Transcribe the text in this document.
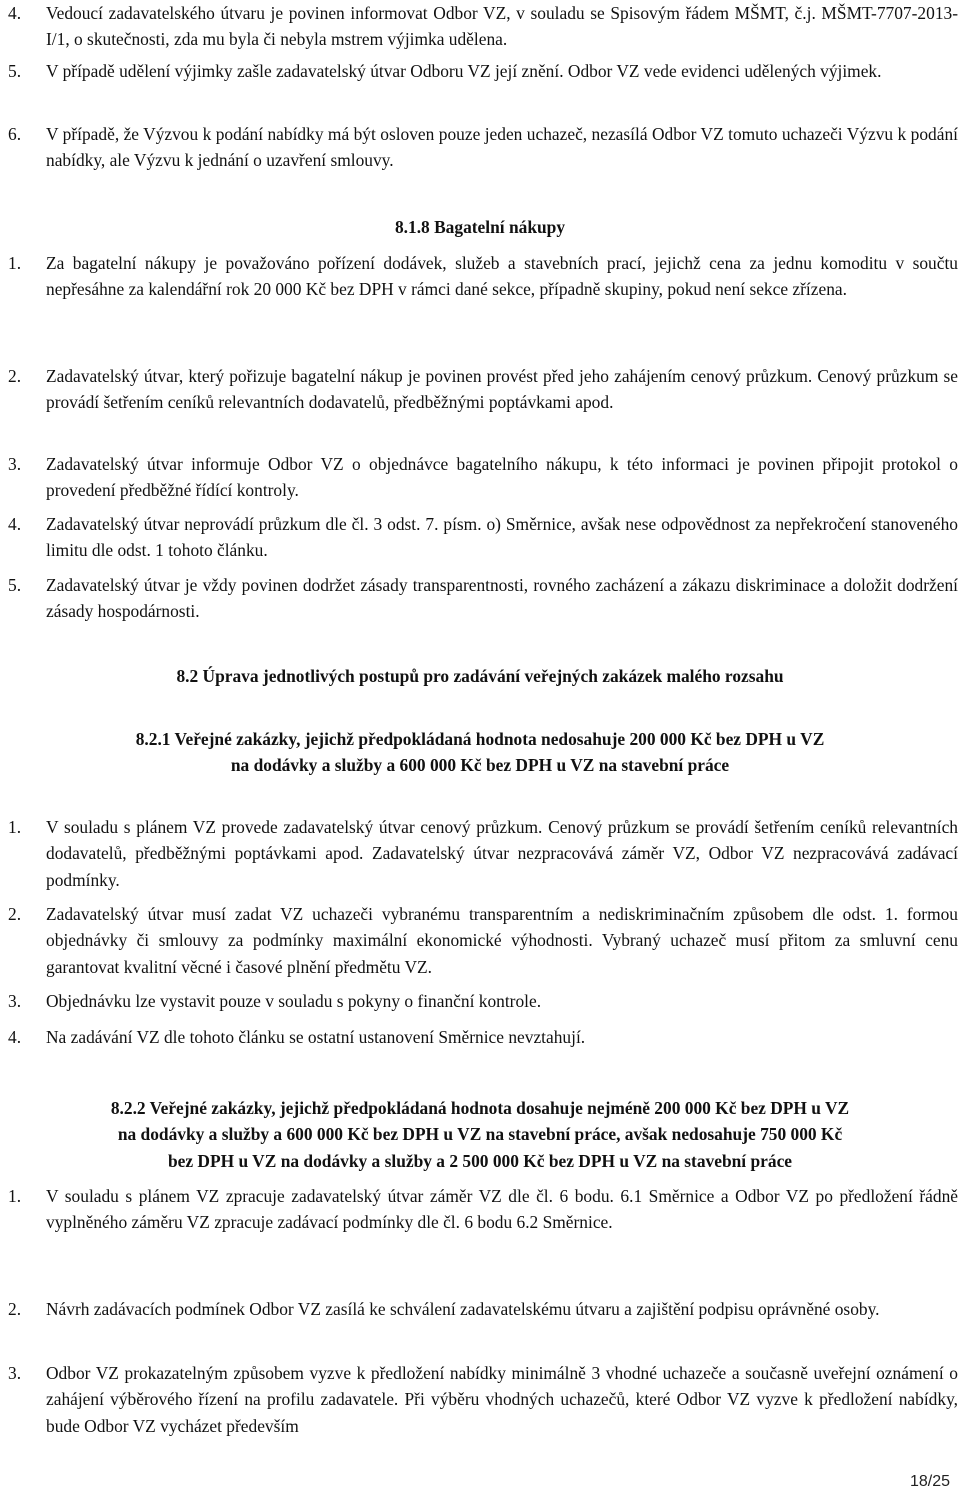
4.	Vedoucí zadavatelského útvaru je povinen informovat Odbor VZ, v souladu se Spisovým řádem MŠMT, č.j. MŠMT-7707-2013-I/1, o skutečnosti, zda mu byla či nebyla mstrem výjimka udělena.
5.	V případě udělení výjimky zašle zadavatelský útvar Odboru VZ její znění. Odbor VZ vede evidenci udělených výjimek.
6.	V případě, že Výzvou k podání nabídky má být osloven pouze jeden uchazeč, nezasílá Odbor VZ tomuto uchazeči Výzvu k podání nabídky, ale Výzvu k jednání o uzavření smlouvy.
8.1.8 Bagatelní nákupy
1.	Za bagatelní nákupy je považováno pořízení dodávek, služeb a stavebních prací, jejichž cena za jednu komoditu v součtu nepřesáhne za kalendářní rok 20 000 Kč bez DPH v rámci dané sekce, případně skupiny, pokud není sekce zřízena.
2.	Zadavatelský útvar, který pořizuje bagatelní nákup je povinen provést před jeho zahájením cenový průzkum. Cenový průzkum se provádí šetřením ceníků relevantních dodavatelů, předběžnými poptávkami apod.
3.	Zadavatelský útvar informuje Odbor VZ o objednávce bagatelního nákupu, k této informaci je povinen připojit protokol o provedení předběžné řídící kontroly.
4.	Zadavatelský útvar neprovádí průzkum dle čl. 3 odst. 7. písm. o) Směrnice, avšak nese odpovědnost za nepřekročení stanoveného limitu dle odst. 1 tohoto článku.
5.	Zadavatelský útvar je vždy povinen dodržet zásady transparentnosti, rovného zacházení a zákazu diskriminace a doložit dodržení zásady hospodárnosti.
8.2 Úprava jednotlivých postupů pro zadávání veřejných zakázek malého rozsahu
8.2.1 Veřejné zakázky, jejichž předpokládaná hodnota nedosahuje 200 000 Kč bez DPH u VZ
na dodávky a služby a 600 000 Kč bez DPH u VZ na stavební práce
1.	V souladu s plánem VZ provede zadavatelský útvar cenový průzkum. Cenový průzkum se provádí šetřením ceníků relevantních dodavatelů, předběžnými poptávkami apod. Zadavatelský útvar nezpracovává záměr VZ, Odbor VZ nezpracovává zadávací podmínky.
2.	Zadavatelský útvar musí zadat VZ uchazeči vybranému transparentním a nediskriminačním způsobem dle odst. 1. formou objednávky či smlouvy za podmínky maximální ekonomické výhodnosti. Vybraný uchazeč musí přitom za smluvní cenu garantovat kvalitní věcné i časové plnění předmětu VZ.
3.	Objednávku lze vystavit pouze v souladu s pokyny o finanční kontrole.
4.	Na zadávání VZ dle tohoto článku se ostatní ustanovení Směrnice nevztahují.
8.2.2 Veřejné zakázky, jejichž předpokládaná hodnota dosahuje nejméně 200 000 Kč bez DPH u VZ
na dodávky a služby a 600 000 Kč bez DPH u VZ na stavební práce, avšak nedosahuje 750 000 Kč
bez DPH u VZ na dodávky a služby a 2 500 000 Kč bez DPH u VZ na stavební práce
1.	V souladu s plánem VZ zpracuje zadavatelský útvar záměr VZ dle čl. 6 bodu. 6.1 Směrnice a Odbor VZ po předložení řádně vyplněného záměru VZ zpracuje zadávací podmínky dle čl. 6 bodu 6.2 Směrnice.
2.	Návrh zadávacích podmínek Odbor VZ zasílá ke schválení zadavatelskému útvaru a zajištění podpisu oprávněné osoby.
3.	Odbor VZ prokazatelným způsobem vyzve k předložení nabídky minimálně 3 vhodné uchazeče a současně uveřejní oznámení o zahájení výběrového řízení na profilu zadavatele. Při výběru vhodných uchazečů, které Odbor VZ vyzve k předložení nabídky, bude Odbor VZ vycházet především
18/25
